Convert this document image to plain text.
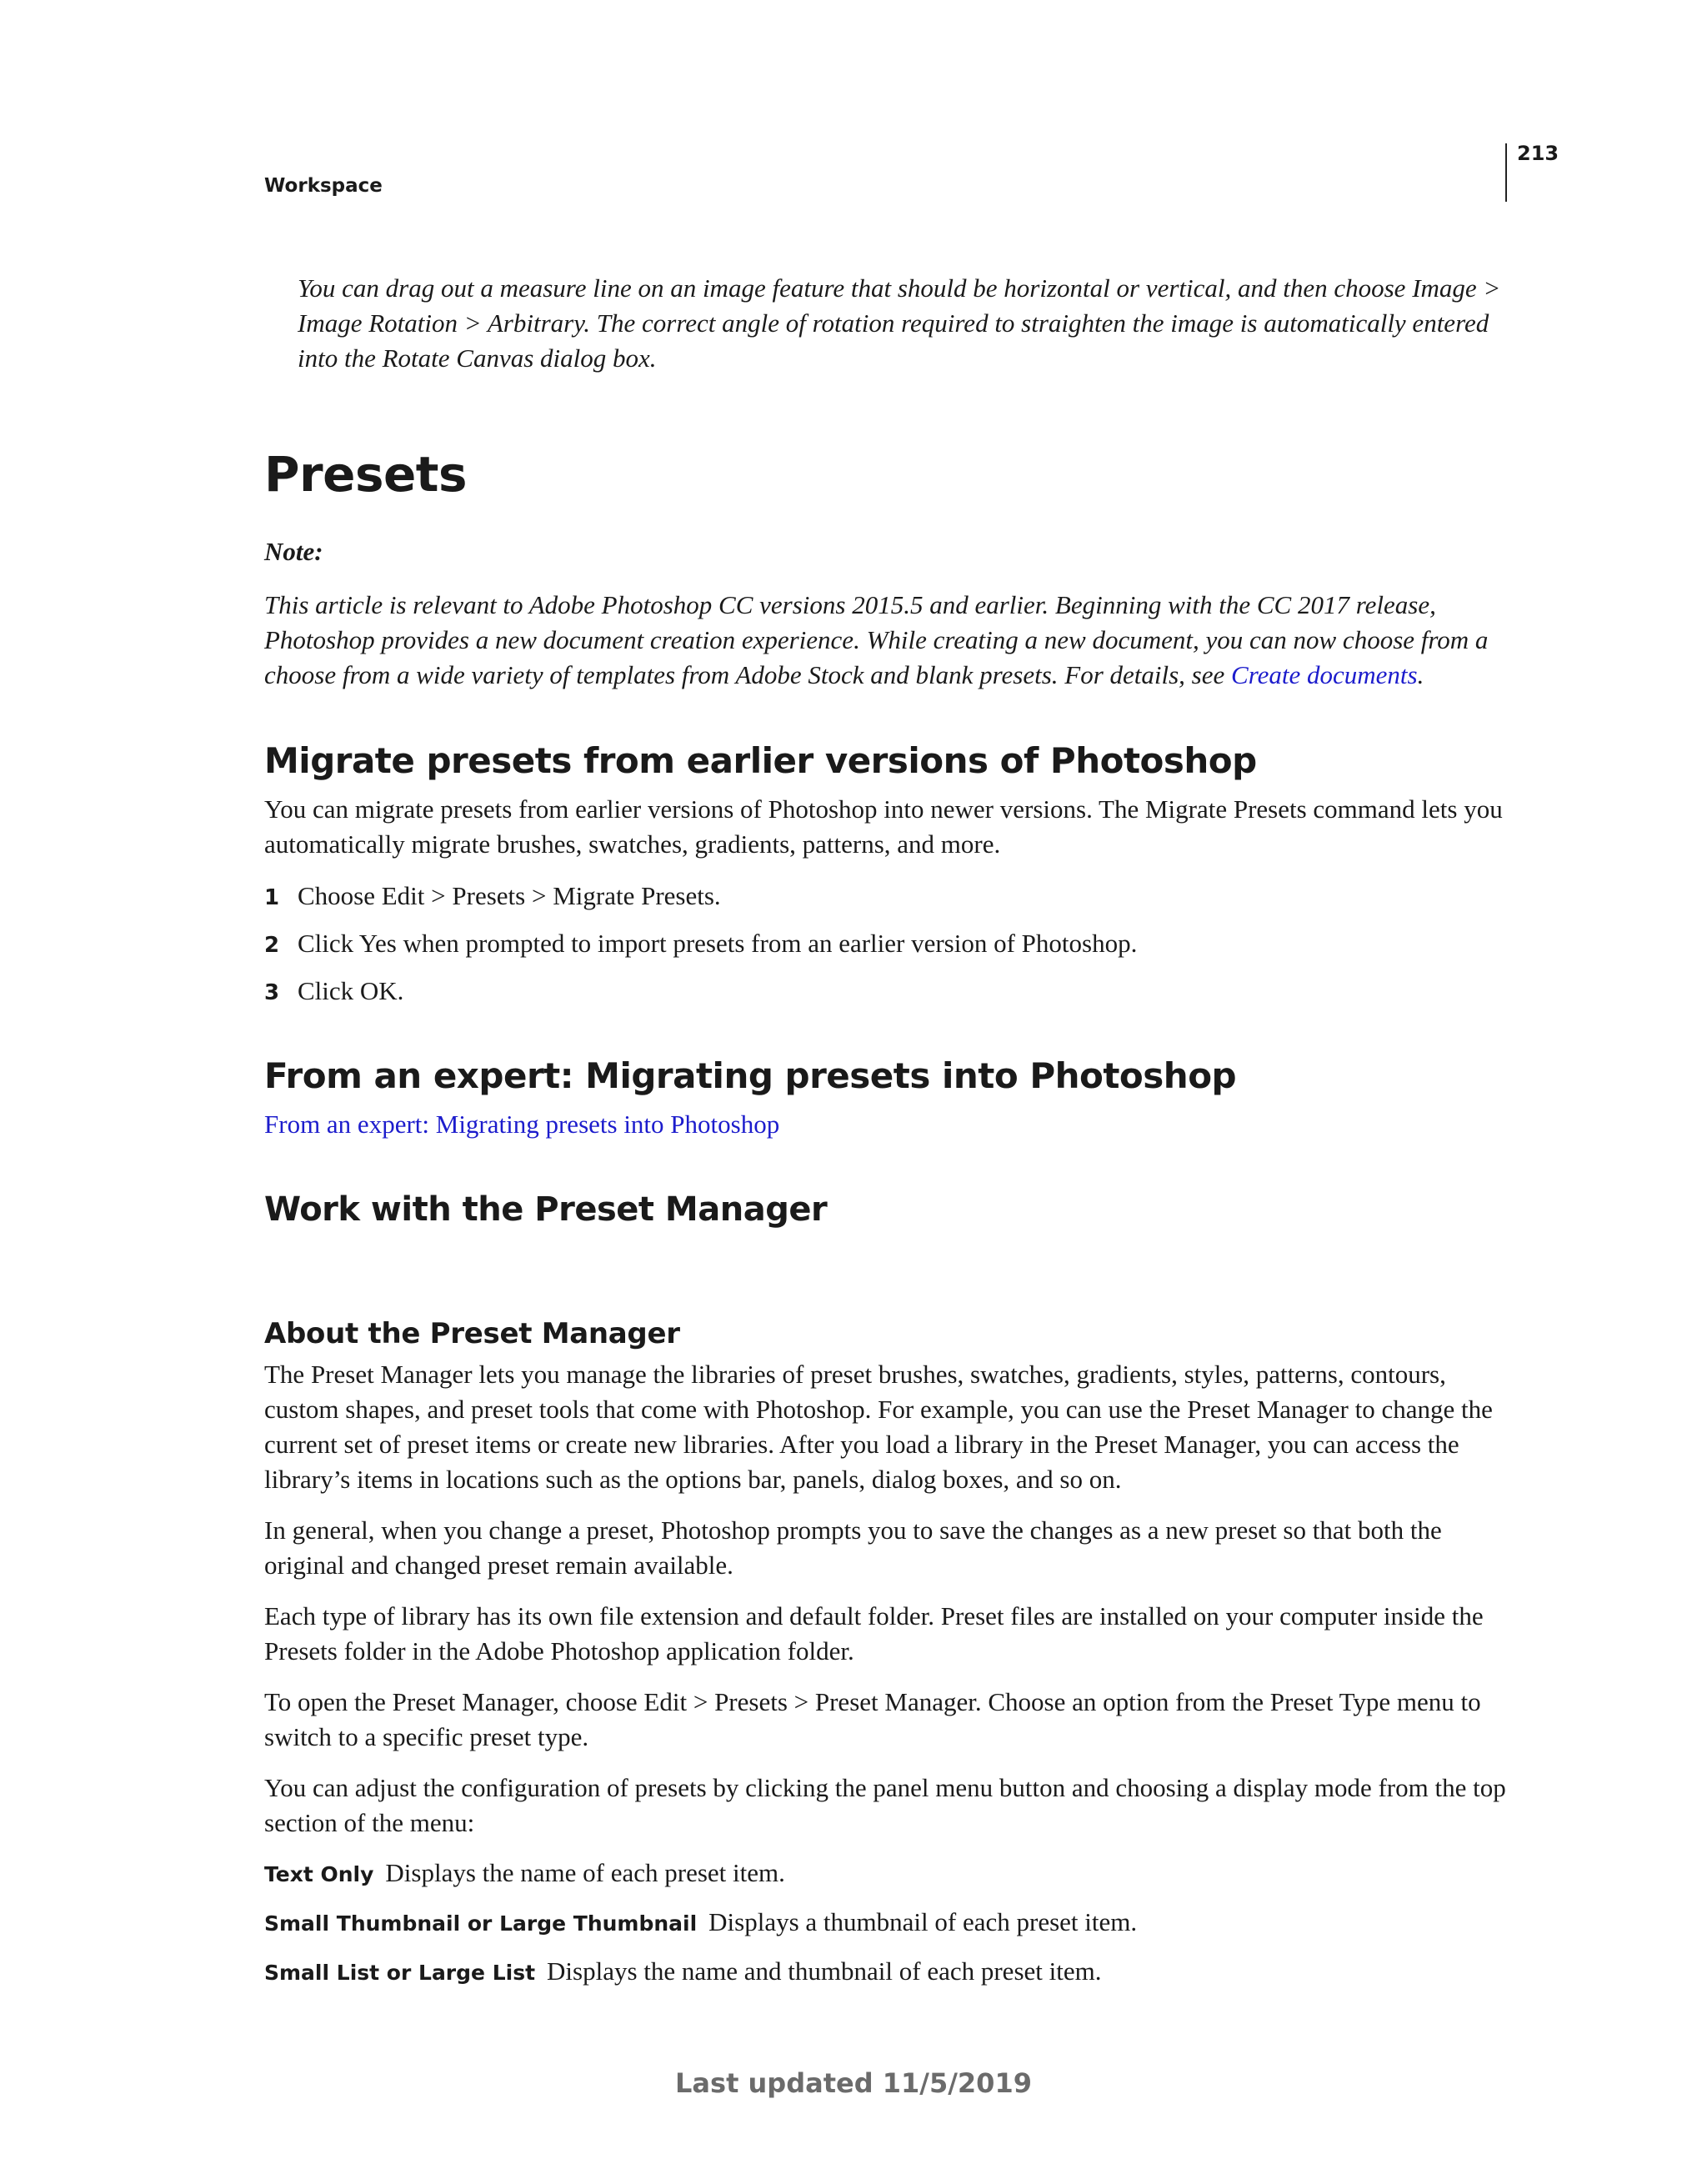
213
Workspace
You can drag out a measure line on an image feature that should be horizontal or vertical, and then choose Image > Image Rotation > Arbitrary. The correct angle of rotation required to straighten the image is automatically entered into the Rotate Canvas dialog box.
Presets
Note:
This article is relevant to Adobe Photoshop CC versions 2015.5 and earlier. Beginning with the CC 2017 release, Photoshop provides a new document creation experience. While creating a new document, you can now choose from a choose from a wide variety of templates from Adobe Stock and blank presets. For details, see Create documents.
Migrate presets from earlier versions of Photoshop
You can migrate presets from earlier versions of Photoshop into newer versions. The Migrate Presets command lets you automatically migrate brushes, swatches, gradients, patterns, and more.
1 Choose Edit > Presets > Migrate Presets.
2 Click Yes when prompted to import presets from an earlier version of Photoshop.
3 Click OK.
From an expert: Migrating presets into Photoshop
From an expert: Migrating presets into Photoshop
Work with the Preset Manager
About the Preset Manager
The Preset Manager lets you manage the libraries of preset brushes, swatches, gradients, styles, patterns, contours, custom shapes, and preset tools that come with Photoshop. For example, you can use the Preset Manager to change the current set of preset items or create new libraries. After you load a library in the Preset Manager, you can access the library’s items in locations such as the options bar, panels, dialog boxes, and so on.
In general, when you change a preset, Photoshop prompts you to save the changes as a new preset so that both the original and changed preset remain available.
Each type of library has its own file extension and default folder. Preset files are installed on your computer inside the Presets folder in the Adobe Photoshop application folder.
To open the Preset Manager, choose Edit > Presets > Preset Manager. Choose an option from the Preset Type menu to switch to a specific preset type.
You can adjust the configuration of presets by clicking the panel menu button and choosing a display mode from the top section of the menu:
Text Only Displays the name of each preset item.
Small Thumbnail or Large Thumbnail Displays a thumbnail of each preset item.
Small List or Large List Displays the name and thumbnail of each preset item.
Last updated 11/5/2019
